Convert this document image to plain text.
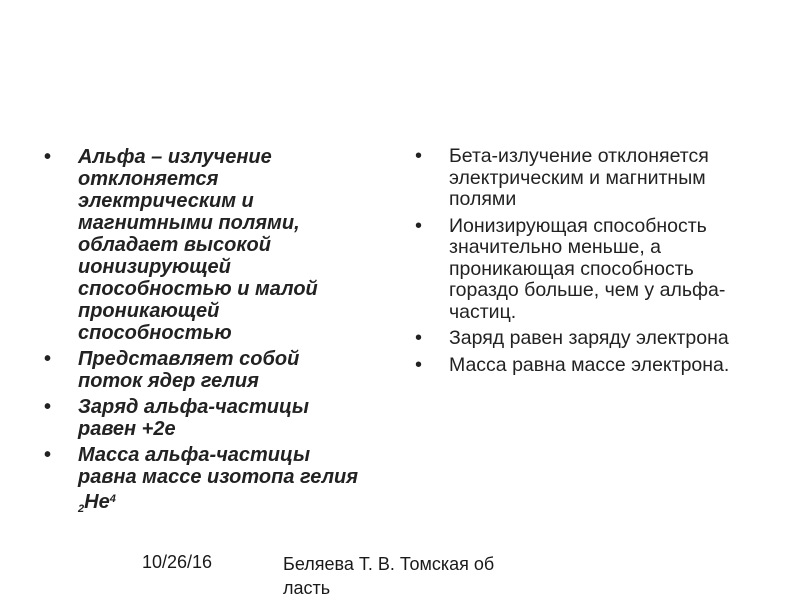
• Альфа – излучение отклоняется электрическим и магнитными полями, обладает высокой ионизирующей способностью и малой проникающей способностью
• Представляет собой поток ядер гелия
• Заряд альфа-частицы равен +2e
• Масса альфа-частицы равна массе изотопа гелия $_2He^4$
• Бета-излучение отклоняется электрическим и магнитным полями
• Ионизирующая способность значительно меньше, а проникающая способность гораздо больше, чем у альфа-частиц.
• Заряд равен заряду электрона
• Масса равна массе электрона.
10/26/16	Беляева Т. В. Томская об ласть
